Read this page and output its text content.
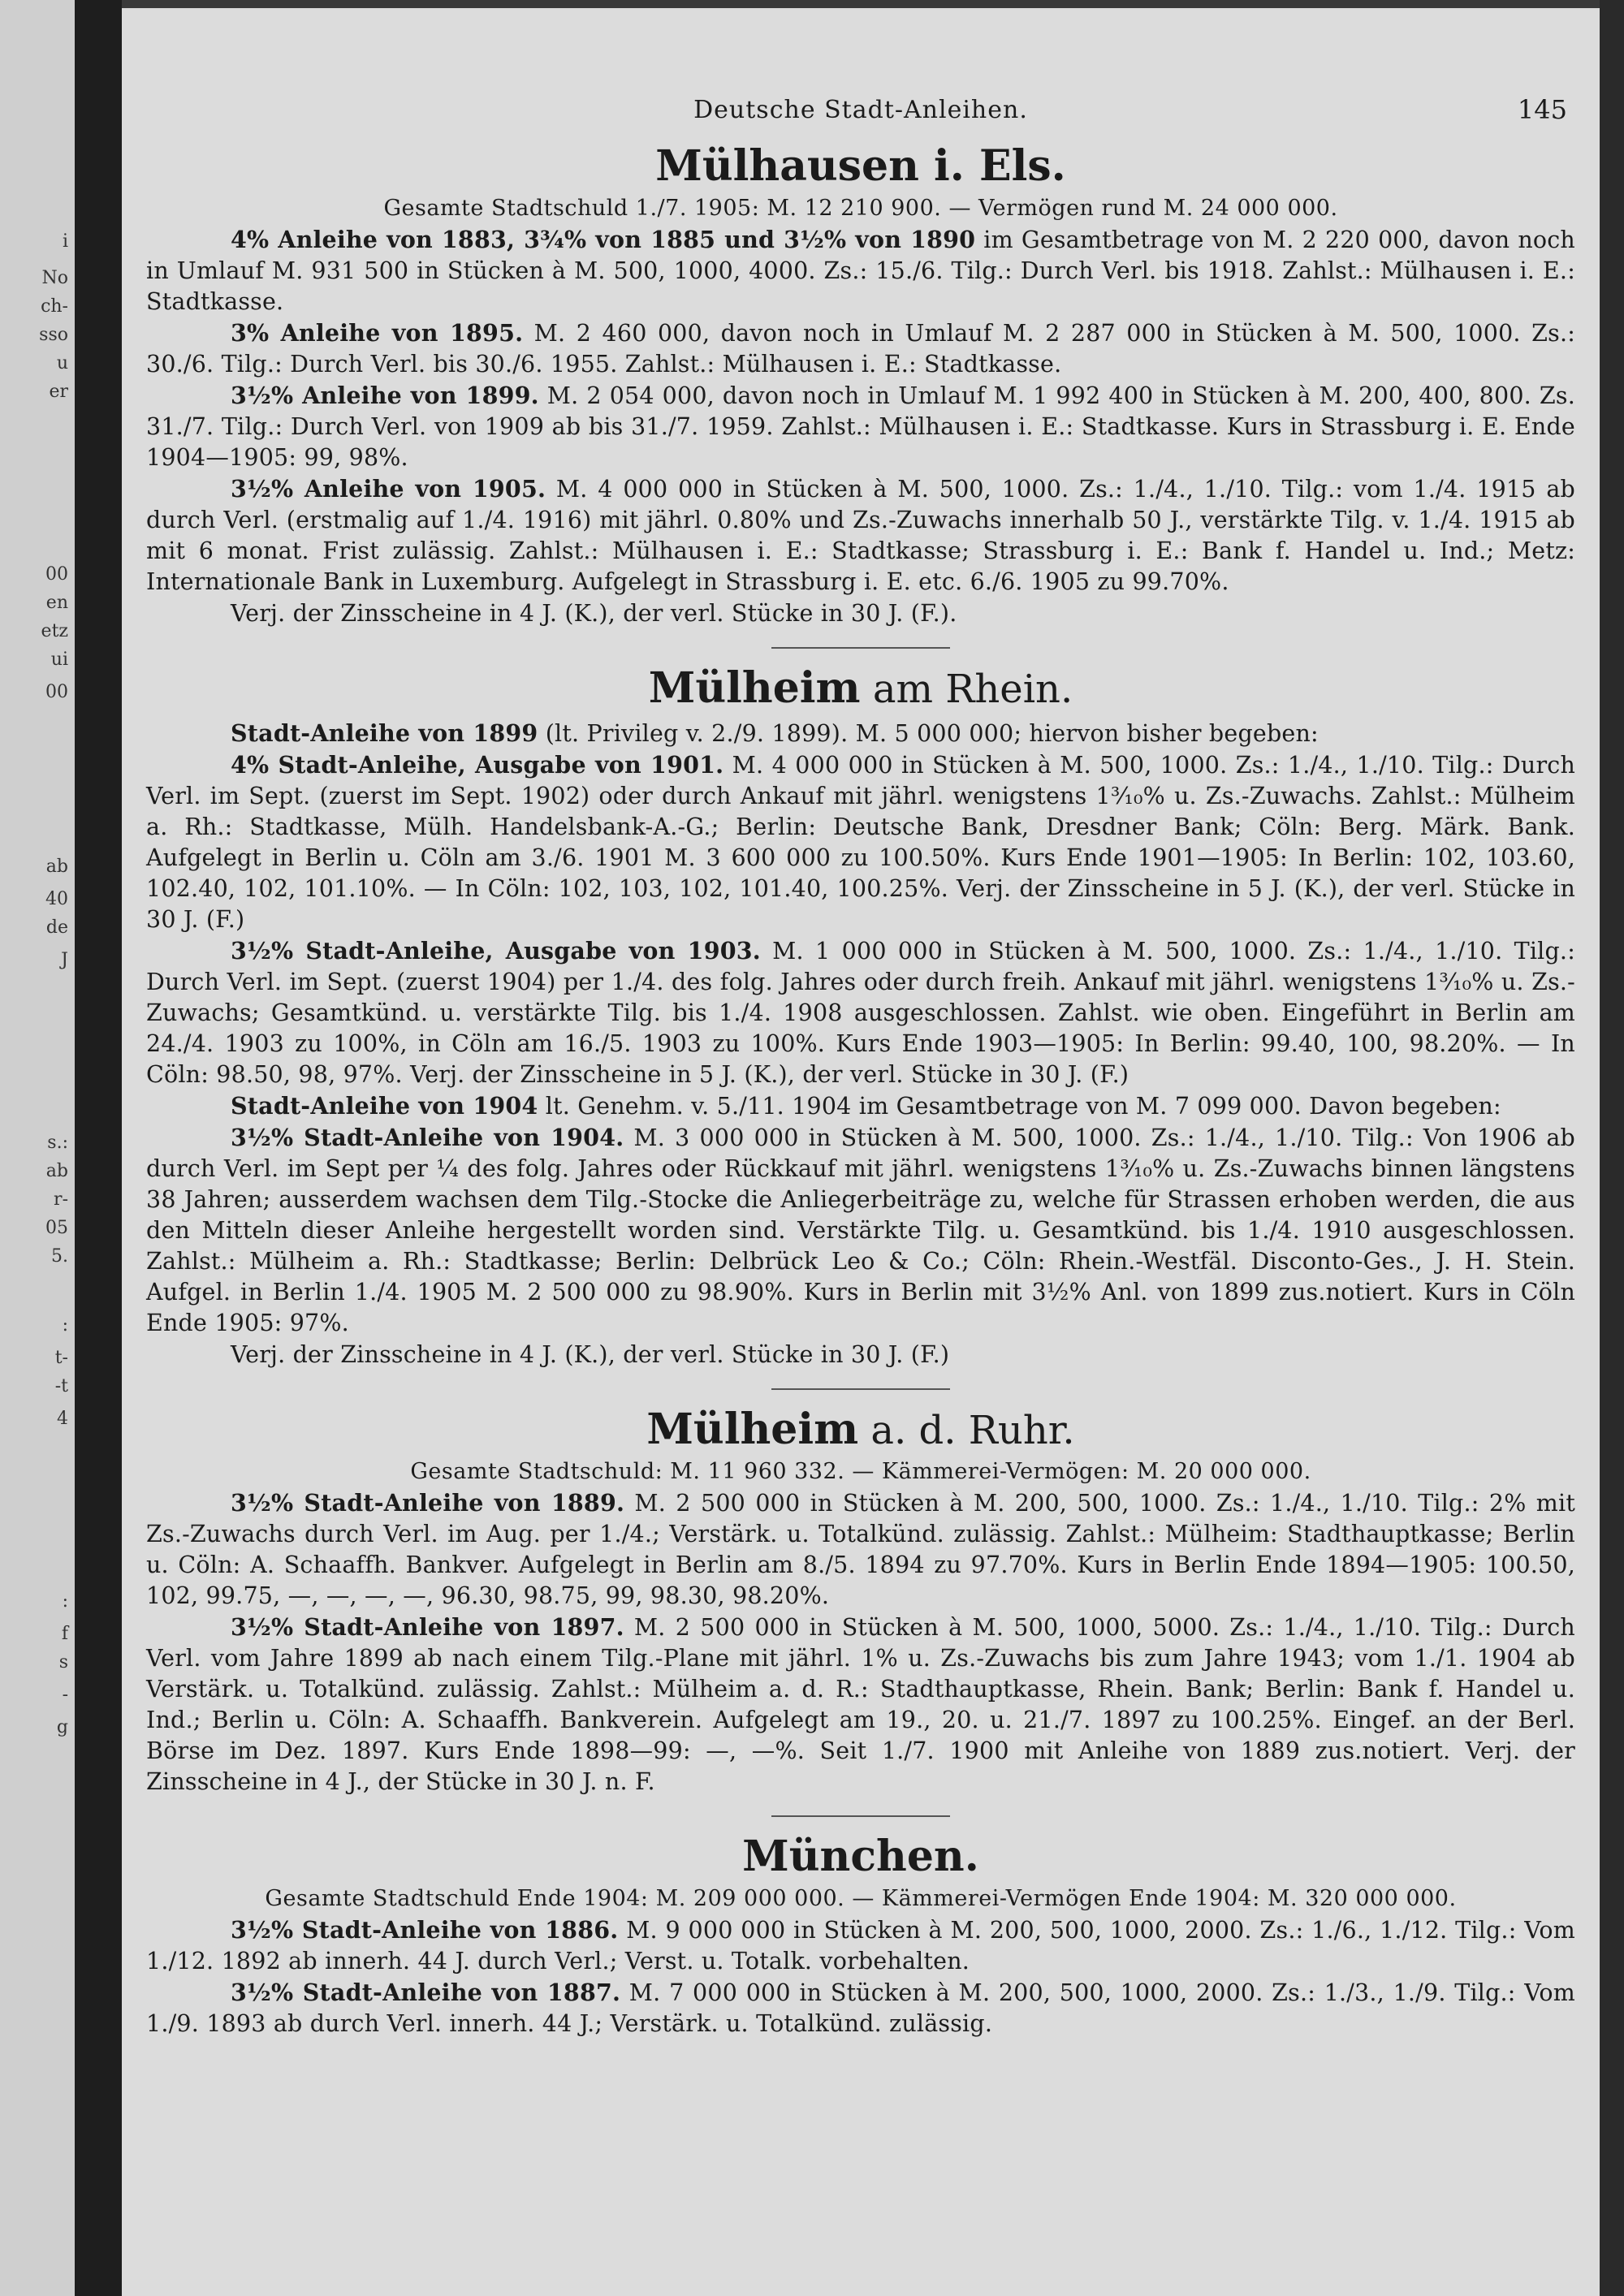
i
No
ch-
sso
u
er
00
en
etz
ui
00
ab
40
de
J
s.:
ab
r-
05
5.
:
t-
-t
4
:
f
s
-
g
Deutsche Stadt-Anleihen.	145
Mülhausen i. Els.
Gesamte Stadtschuld 1./7. 1905: M. 12 210 900. — Vermögen rund M. 24 000 000.

4% Anleihe von 1883, 3¾% von 1885 und 3½% von 1890 im Gesamtbetrage von M. 2 220 000, davon noch in Umlauf M. 931 500 in Stücken à M. 500, 1000, 4000. Zs.: 15./6. Tilg.: Durch Verl. bis 1918. Zahlst.: Mülhausen i. E.: Stadtkasse.

3% Anleihe von 1895. M. 2 460 000, davon noch in Umlauf M. 2 287 000 in Stücken à M. 500, 1000. Zs.: 30./6. Tilg.: Durch Verl. bis 30./6. 1955. Zahlst.: Mülhausen i. E.: Stadtkasse.

3½% Anleihe von 1899. M. 2 054 000, davon noch in Umlauf M. 1 992 400 in Stücken à M. 200, 400, 800. Zs. 31./7. Tilg.: Durch Verl. von 1909 ab bis 31./7. 1959. Zahlst.: Mülhausen i. E.: Stadtkasse. Kurs in Strassburg i. E. Ende 1904—1905: 99, 98%.

3½% Anleihe von 1905. M. 4 000 000 in Stücken à M. 500, 1000. Zs.: 1./4., 1./10. Tilg.: vom 1./4. 1915 ab durch Verl. (erstmalig auf 1./4. 1916) mit jährl. 0.80% und Zs.-Zuwachs innerhalb 50 J., verstärkte Tilg. v. 1./4. 1915 ab mit 6 monat. Frist zulässig. Zahlst.: Mülhausen i. E.: Stadtkasse; Strassburg i. E.: Bank f. Handel u. Ind.; Metz: Internationale Bank in Luxemburg. Aufgelegt in Strassburg i. E. etc. 6./6. 1905 zu 99.70%.

Verj. der Zinsscheine in 4 J. (K.), der verl. Stücke in 30 J. (F.).

Mülheim am Rhein.

Stadt-Anleihe von 1899 (lt. Privileg v. 2./9. 1899). M. 5 000 000; hiervon bisher begeben:

4% Stadt-Anleihe, Ausgabe von 1901. M. 4 000 000 in Stücken à M. 500, 1000. Zs.: 1./4., 1./10. Tilg.: Durch Verl. im Sept. (zuerst im Sept. 1902) oder durch Ankauf mit jährl. wenigstens 1³⁄₁₀% u. Zs.-Zuwachs. Zahlst.: Mülheim a. Rh.: Stadtkasse, Mülh. Handelsbank-A.-G.; Berlin: Deutsche Bank, Dresdner Bank; Cöln: Berg. Märk. Bank. Aufgelegt in Berlin u. Cöln am 3./6. 1901 M. 3 600 000 zu 100.50%. Kurs Ende 1901—1905: In Berlin: 102, 103.60, 102.40, 102, 101.10%. — In Cöln: 102, 103, 102, 101.40, 100.25%. Verj. der Zinsscheine in 5 J. (K.), der verl. Stücke in 30 J. (F.)

3½% Stadt-Anleihe, Ausgabe von 1903. M. 1 000 000 in Stücken à M. 500, 1000. Zs.: 1./4., 1./10. Tilg.: Durch Verl. im Sept. (zuerst 1904) per 1./4. des folg. Jahres oder durch freih. Ankauf mit jährl. wenigstens 1³⁄₁₀% u. Zs.-Zuwachs; Gesamtkünd. u. verstärkte Tilg. bis 1./4. 1908 ausgeschlossen. Zahlst. wie oben. Eingeführt in Berlin am 24./4. 1903 zu 100%, in Cöln am 16./5. 1903 zu 100%. Kurs Ende 1903—1905: In Berlin: 99.40, 100, 98.20%. — In Cöln: 98.50, 98, 97%. Verj. der Zinsscheine in 5 J. (K.), der verl. Stücke in 30 J. (F.)

Stadt-Anleihe von 1904 lt. Genehm. v. 5./11. 1904 im Gesamtbetrage von M. 7 099 000. Davon begeben:

3½% Stadt-Anleihe von 1904. M. 3 000 000 in Stücken à M. 500, 1000. Zs.: 1./4., 1./10. Tilg.: Von 1906 ab durch Verl. im Sept per ¼ des folg. Jahres oder Rückkauf mit jährl. wenigstens 1³⁄₁₀% u. Zs.-Zuwachs binnen längstens 38 Jahren; ausserdem wachsen dem Tilg.-Stocke die Anliegerbeiträge zu, welche für Strassen erhoben werden, die aus den Mitteln dieser Anleihe hergestellt worden sind. Verstärkte Tilg. u. Gesamtkünd. bis 1./4. 1910 ausgeschlossen. Zahlst.: Mülheim a. Rh.: Stadtkasse; Berlin: Delbrück Leo & Co.; Cöln: Rhein.-Westfäl. Disconto-Ges., J. H. Stein. Aufgel. in Berlin 1./4. 1905 M. 2 500 000 zu 98.90%. Kurs in Berlin mit 3½% Anl. von 1899 zus.notiert. Kurs in Cöln Ende 1905: 97%.

Verj. der Zinsscheine in 4 J. (K.), der verl. Stücke in 30 J. (F.)

Mülheim a. d. Ruhr.
Gesamte Stadtschuld: M. 11 960 332. — Kämmerei-Vermögen: M. 20 000 000.

3½% Stadt-Anleihe von 1889. M. 2 500 000 in Stücken à M. 200, 500, 1000. Zs.: 1./4., 1./10. Tilg.: 2% mit Zs.-Zuwachs durch Verl. im Aug. per 1./4.; Verstärk. u. Totalkünd. zulässig. Zahlst.: Mülheim: Stadthauptkasse; Berlin u. Cöln: A. Schaaffh. Bankver. Aufgelegt in Berlin am 8./5. 1894 zu 97.70%. Kurs in Berlin Ende 1894—1905: 100.50, 102, 99.75, —, —, —, —, 96.30, 98.75, 99, 98.30, 98.20%.

3½% Stadt-Anleihe von 1897. M. 2 500 000 in Stücken à M. 500, 1000, 5000. Zs.: 1./4., 1./10. Tilg.: Durch Verl. vom Jahre 1899 ab nach einem Tilg.-Plane mit jährl. 1% u. Zs.-Zuwachs bis zum Jahre 1943; vom 1./1. 1904 ab Verstärk. u. Totalkünd. zulässig. Zahlst.: Mülheim a. d. R.: Stadthauptkasse, Rhein. Bank; Berlin: Bank f. Handel u. Ind.; Berlin u. Cöln: A. Schaaffh. Bankverein. Aufgelegt am 19., 20. u. 21./7. 1897 zu 100.25%. Eingef. an der Berl. Börse im Dez. 1897. Kurs Ende 1898—99: —, —%. Seit 1./7. 1900 mit Anleihe von 1889 zus.notiert. Verj. der Zinsscheine in 4 J., der Stücke in 30 J. n. F.

München.
Gesamte Stadtschuld Ende 1904: M. 209 000 000. — Kämmerei-Vermögen Ende 1904: M. 320 000 000.

3½% Stadt-Anleihe von 1886. M. 9 000 000 in Stücken à M. 200, 500, 1000, 2000. Zs.: 1./6., 1./12. Tilg.: Vom 1./12. 1892 ab innerh. 44 J. durch Verl.; Verst. u. Totalk. vorbehalten.

3½% Stadt-Anleihe von 1887. M. 7 000 000 in Stücken à M. 200, 500, 1000, 2000. Zs.: 1./3., 1./9. Tilg.: Vom 1./9. 1893 ab durch Verl. innerh. 44 J.; Verstärk. u. Totalkünd. zulässig.
